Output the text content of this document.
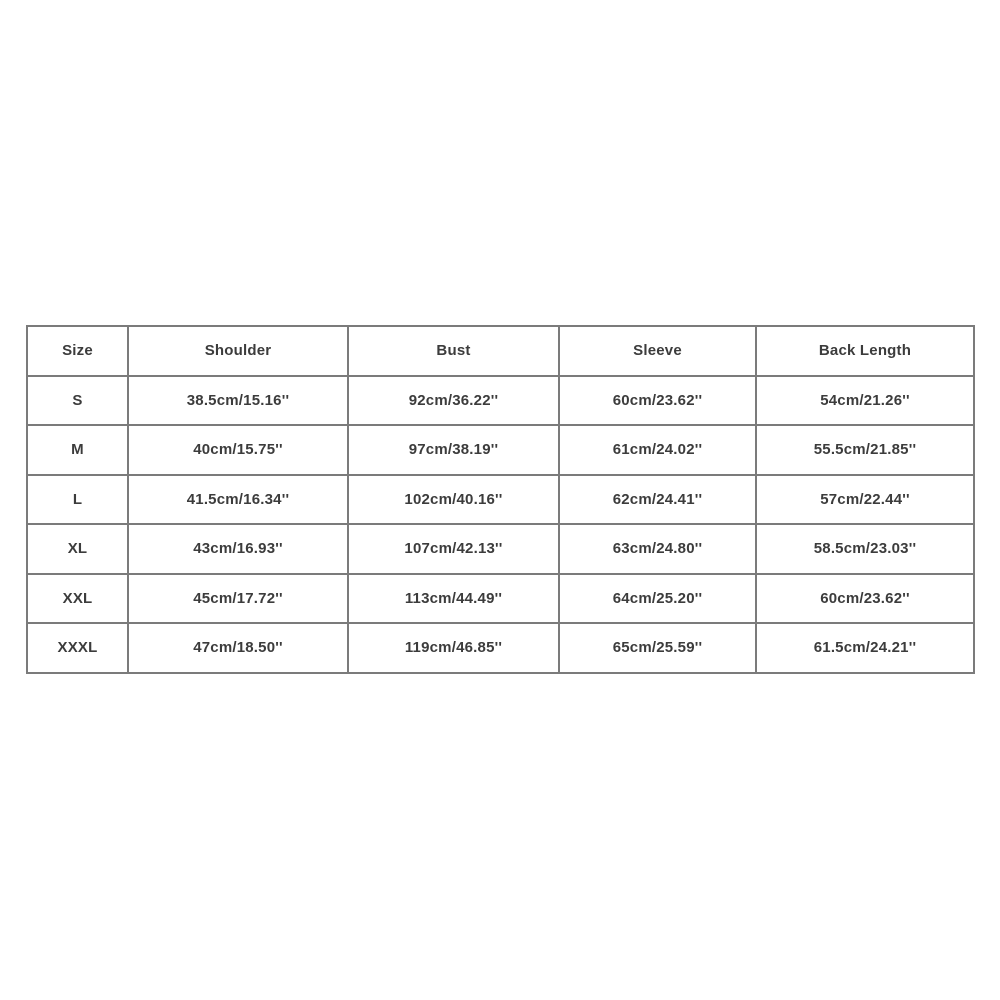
Size	Shoulder	Bust	Sleeve	Back Length
S	38.5cm/15.16''	92cm/36.22''	60cm/23.62''	54cm/21.26''
M	40cm/15.75''	97cm/38.19''	61cm/24.02''	55.5cm/21.85''
L	41.5cm/16.34''	102cm/40.16''	62cm/24.41''	57cm/22.44''
XL	43cm/16.93''	107cm/42.13''	63cm/24.80''	58.5cm/23.03''
XXL	45cm/17.72''	113cm/44.49''	64cm/25.20''	60cm/23.62''
XXXL	47cm/18.50''	119cm/46.85''	65cm/25.59''	61.5cm/24.21''
